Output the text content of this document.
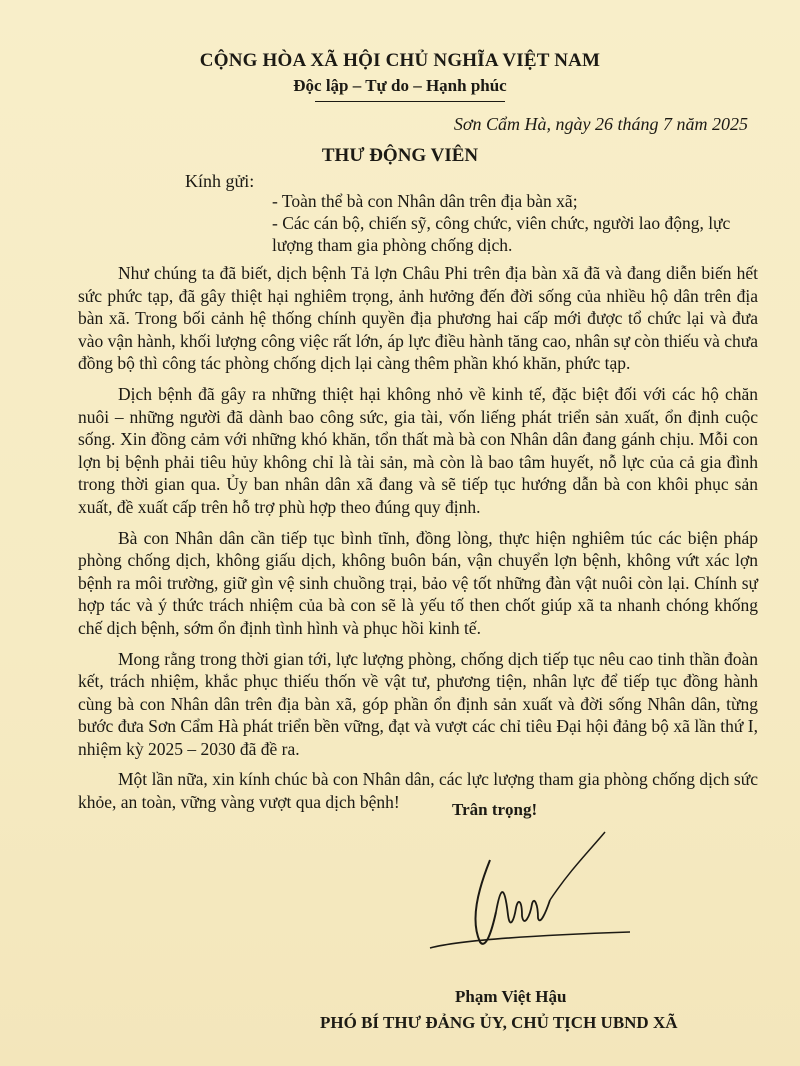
CỘNG HÒA XÃ HỘI CHỦ NGHĨA VIỆT NAM
Độc lập – Tự do – Hạnh phúc
Sơn Cẩm Hà, ngày 26 tháng 7 năm 2025
THƯ ĐỘNG VIÊN
Kính gửi:
- Toàn thể bà con Nhân dân trên địa bàn xã;
- Các cán bộ, chiến sỹ, công chức, viên chức, người lao động, lực
lượng tham gia phòng chống dịch.

Như chúng ta đã biết, dịch bệnh Tả lợn Châu Phi trên địa bàn xã đã và đang diễn biến hết sức phức tạp, đã gây thiệt hại nghiêm trọng, ảnh hưởng đến đời sống của nhiều hộ dân trên địa bàn xã. Trong bối cảnh hệ thống chính quyền địa phương hai cấp mới được tổ chức lại và đưa vào vận hành, khối lượng công việc rất lớn, áp lực điều hành tăng cao, nhân sự còn thiếu và chưa đồng bộ thì công tác phòng chống dịch lại càng thêm phần khó khăn, phức tạp.

Dịch bệnh đã gây ra những thiệt hại không nhỏ về kinh tế, đặc biệt đối với các hộ chăn nuôi – những người đã dành bao công sức, gia tài, vốn liếng phát triển sản xuất, ổn định cuộc sống. Xin đồng cảm với những khó khăn, tổn thất mà bà con Nhân dân đang gánh chịu. Mỗi con lợn bị bệnh phải tiêu hủy không chỉ là tài sản, mà còn là bao tâm huyết, nỗ lực của cả gia đình trong thời gian qua. Ủy ban nhân dân xã đang và sẽ tiếp tục hướng dẫn bà con khôi phục sản xuất, đề xuất cấp trên hỗ trợ phù hợp theo đúng quy định.

Bà con Nhân dân cần tiếp tục bình tĩnh, đồng lòng, thực hiện nghiêm túc các biện pháp phòng chống dịch, không giấu dịch, không buôn bán, vận chuyển lợn bệnh, không vứt xác lợn bệnh ra môi trường, giữ gìn vệ sinh chuồng trại, bảo vệ tốt những đàn vật nuôi còn lại. Chính sự hợp tác và ý thức trách nhiệm của bà con sẽ là yếu tố then chốt giúp xã ta nhanh chóng khống chế dịch bệnh, sớm ổn định tình hình và phục hồi kinh tế.

Mong rằng trong thời gian tới, lực lượng phòng, chống dịch tiếp tục nêu cao tinh thần đoàn kết, trách nhiệm, khắc phục thiếu thốn về vật tư, phương tiện, nhân lực để tiếp tục đồng hành cùng bà con Nhân dân trên địa bàn xã, góp phần ổn định sản xuất và đời sống Nhân dân, từng bước đưa Sơn Cẩm Hà phát triển bền vững, đạt và vượt các chỉ tiêu Đại hội đảng bộ xã lần thứ I, nhiệm kỳ 2025 – 2030 đã đề ra.

Một lần nữa, xin kính chúc bà con Nhân dân, các lực lượng tham gia phòng chống dịch sức khỏe, an toàn, vững vàng vượt qua dịch bệnh!	Trân trọng!
Phạm Việt Hậu
PHÓ BÍ THƯ ĐẢNG ỦY, CHỦ TỊCH UBND XÃ
